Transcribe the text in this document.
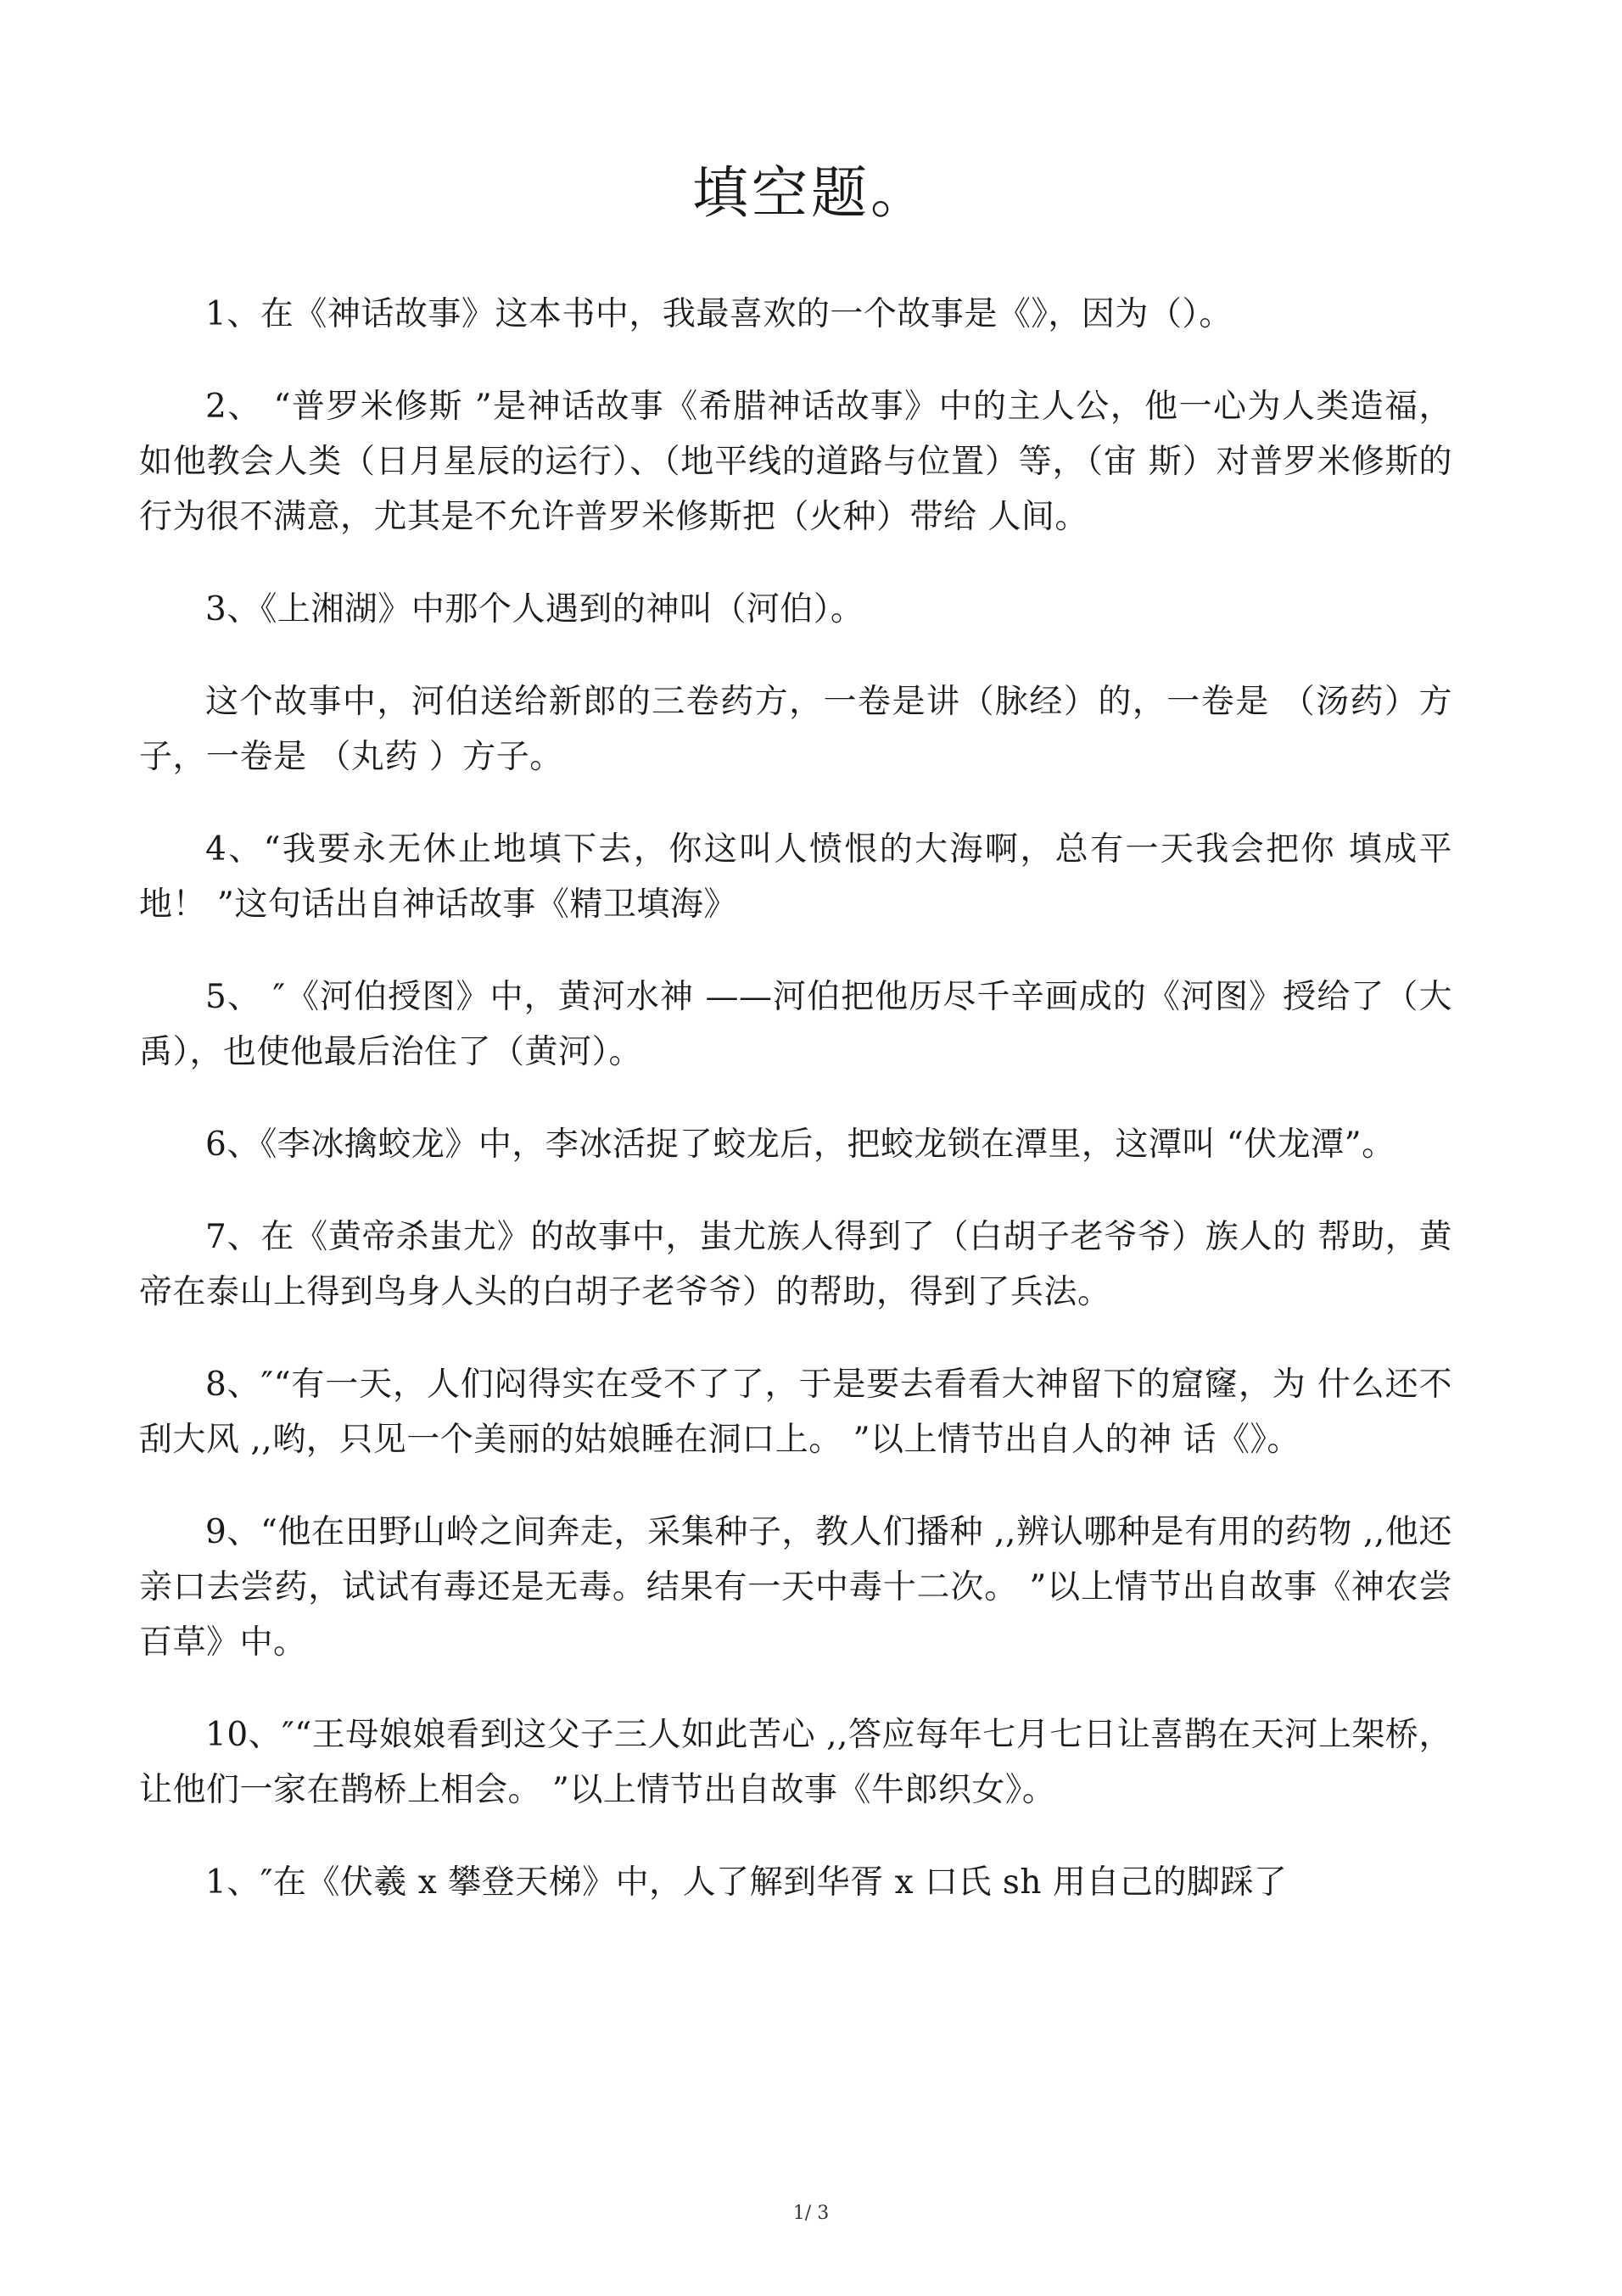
填空题。

1、在《神话故事》这本书中，我最喜欢的一个故事是《》，因为（）。

2、 “普罗米修斯 ”是神话故事《希腊神话故事》中的主人公，他一心为人类造福，如他教会人类（日月星辰的运行）、（地平线的道路与位置）等，（宙 斯）对普罗米修斯的行为很不满意，尤其是不允许普罗米修斯把（火种）带给 人间。

3、《上湘湖》中那个人遇到的神叫（河伯）。

这个故事中，河伯送给新郎的三卷药方，一卷是讲（脉经）的，一卷是 （汤药）方子，一卷是 （丸药 ）方子。

4、“我要永无休止地填下去，你这叫人愤恨的大海啊，总有一天我会把你 填成平地！ ”这句话出自神话故事《精卫填海》

5、 ″《河伯授图》中，黄河水神 ——河伯把他历尽千辛画成的《河图》授给了（大禹），也使他最后治住了（黄河）。

6、《李冰擒蛟龙》中，李冰活捉了蛟龙后，把蛟龙锁在潭里，这潭叫 “伏龙潭”。

7、在《黄帝杀蚩尤》的故事中，蚩尤族人得到了（白胡子老爷爷）族人的 帮助，黄帝在泰山上得到鸟身人头的白胡子老爷爷）的帮助，得到了兵法。

8、″“有一天，人们闷得实在受不了了，于是要去看看大神留下的窟窿，为 什么还不刮大风 ,,哟，只见一个美丽的姑娘睡在洞口上。 ”以上情节出自人的神 话《》。

9、“他在田野山岭之间奔走，采集种子，教人们播种 ,,辨认哪种是有用的药物 ,,他还亲口去尝药，试试有毒还是无毒。结果有一天中毒十二次。 ”以上情节出自故事《神农尝百草》中。

10、″“王母娘娘看到这父子三人如此苦心 ,,答应每年七月七日让喜鹊在天河上架桥，让他们一家在鹊桥上相会。 ”以上情节出自故事《牛郎织女》。

1、″在《伏羲 x 攀登天梯》中，人了解到华胥 x 口氏 sh 用自己的脚踩了

1/ 3
